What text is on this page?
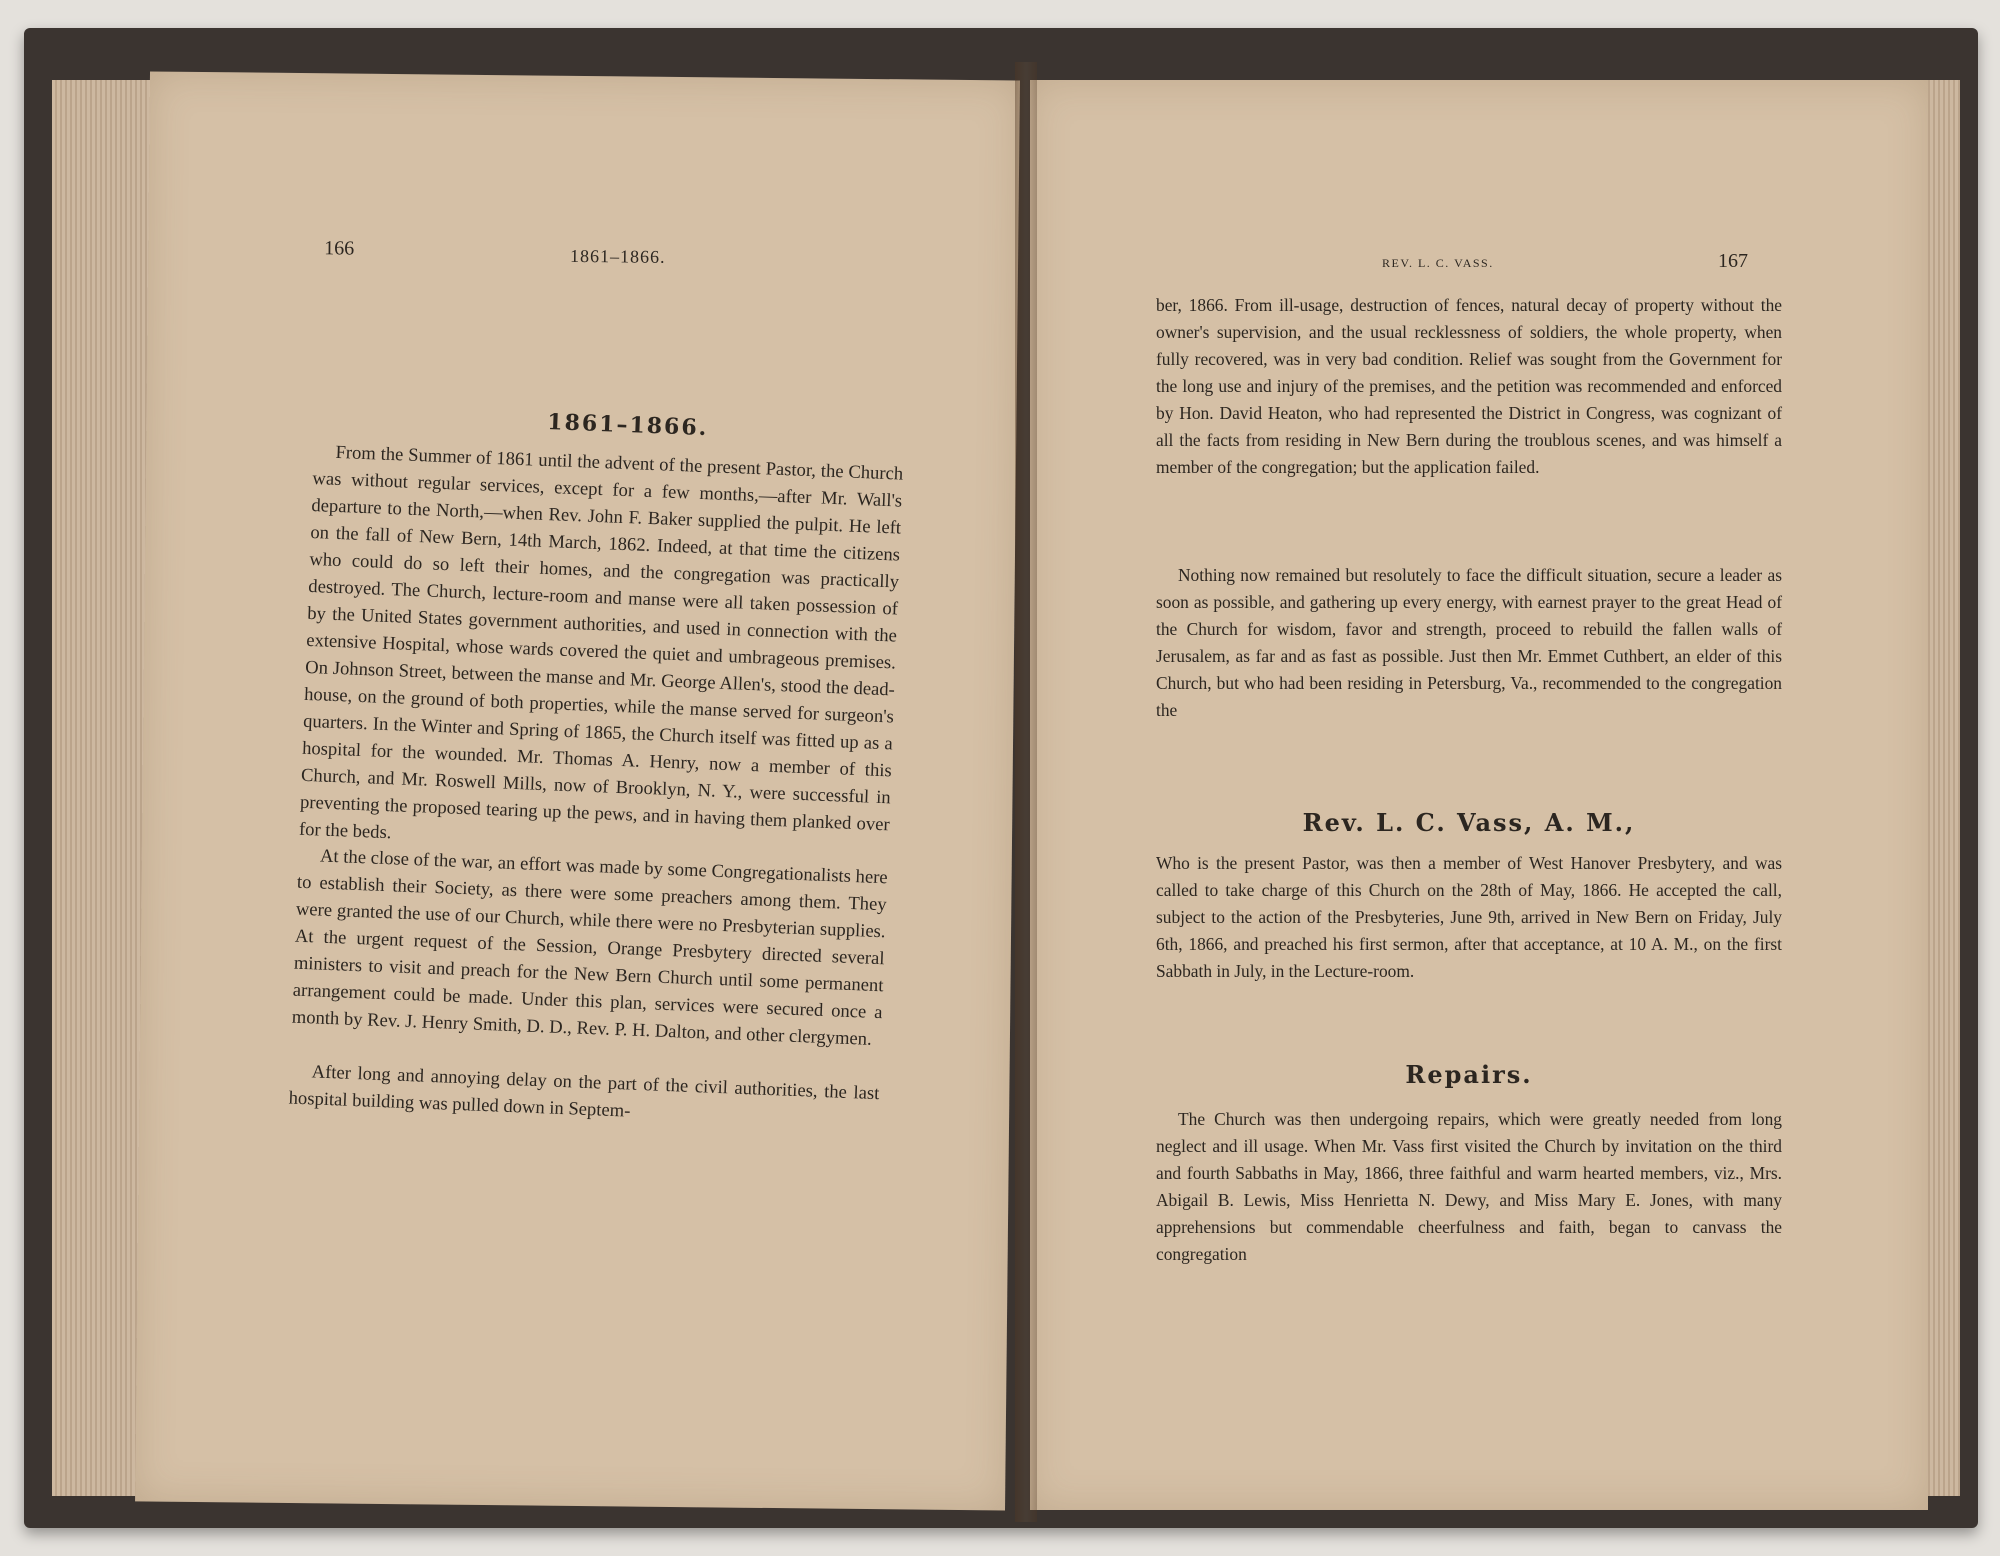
166	1861–1866.
1861–1866.

From the Summer of 1861 until the advent of the present Pastor, the Church was without regular services, except for a few months,—after Mr. Wall's departure to the North,—when Rev. John F. Baker supplied the pulpit. He left on the fall of New Bern, 14th March, 1862. Indeed, at that time the citizens who could do so left their homes, and the congregation was practically destroyed. The Church, lecture-room and manse were all taken possession of by the United States government authorities, and used in connection with the extensive Hospital, whose wards covered the quiet and umbrageous premises. On Johnson Street, between the manse and Mr. George Allen's, stood the dead-house, on the ground of both properties, while the manse served for surgeon's quarters. In the Winter and Spring of 1865, the Church itself was fitted up as a hospital for the wounded. Mr. Thomas A. Henry, now a member of this Church, and Mr. Roswell Mills, now of Brooklyn, N. Y., were successful in preventing the proposed tearing up the pews, and in having them planked over for the beds.

At the close of the war, an effort was made by some Congregationalists here to establish their Society, as there were some preachers among them. They were granted the use of our Church, while there were no Presbyterian supplies. At the urgent request of the Session, Orange Presbytery directed several ministers to visit and preach for the New Bern Church until some permanent arrangement could be made. Under this plan, services were secured once a month by Rev. J. Henry Smith, D. D., Rev. P. H. Dalton, and other clergymen.

After long and annoying delay on the part of the civil authorities, the last hospital building was pulled down in Septem-

REV. L. C. VASS.	167

ber, 1866. From ill-usage, destruction of fences, natural decay of property without the owner's supervision, and the usual recklessness of soldiers, the whole property, when fully recovered, was in very bad condition. Relief was sought from the Government for the long use and injury of the premises, and the petition was recommended and enforced by Hon. David Heaton, who had represented the District in Congress, was cognizant of all the facts from residing in New Bern during the troublous scenes, and was himself a member of the congregation; but the application failed.

Nothing now remained but resolutely to face the difficult situation, secure a leader as soon as possible, and gathering up every energy, with earnest prayer to the great Head of the Church for wisdom, favor and strength, proceed to rebuild the fallen walls of Jerusalem, as far and as fast as possible. Just then Mr. Emmet Cuthbert, an elder of this Church, but who had been residing in Petersburg, Va., recommended to the congregation the

Rev. L. C. Vass, A. M.,

Who is the present Pastor, was then a member of West Hanover Presbytery, and was called to take charge of this Church on the 28th of May, 1866. He accepted the call, subject to the action of the Presbyteries, June 9th, arrived in New Bern on Friday, July 6th, 1866, and preached his first sermon, after that acceptance, at 10 A. M., on the first Sabbath in July, in the Lecture-room.

Repairs.

The Church was then undergoing repairs, which were greatly needed from long neglect and ill usage. When Mr. Vass first visited the Church by invitation on the third and fourth Sabbaths in May, 1866, three faithful and warm hearted members, viz., Mrs. Abigail B. Lewis, Miss Henrietta N. Dewy, and Miss Mary E. Jones, with many apprehensions but commendable cheerfulness and faith, began to canvass the congregation
